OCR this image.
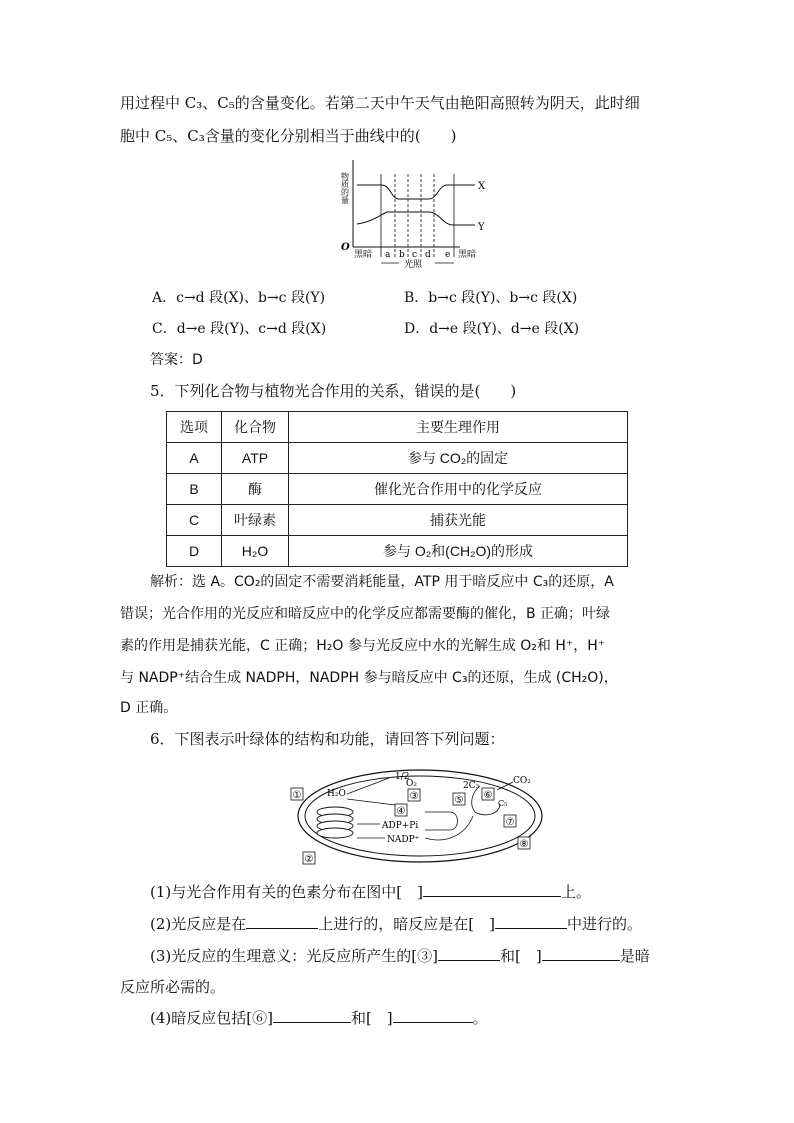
用过程中 C₃、C₅的含量变化。若第二天中午天气由艳阳高照转为阴天，此时细
胞中 C₅、C₃含量的变化分别相当于曲线中的(　　)
物质的量
O
X
Y
黑暗 a b c d e 黑暗
光照
A．c→d 段(X)、b→c 段(Y)	B．b→c 段(Y)、b→c 段(X)
C．d→e 段(Y)、c→d 段(X)	D．d→e 段(Y)、d→e 段(X)
答案：D
5．下列化合物与植物光合作用的关系，错误的是(　　)
选项	化合物	主要生理作用
A	ATP	参与 CO₂的固定
B	酶	催化光合作用中的化学反应
C	叶绿素	捕获光能
D	H₂O	参与 O₂和(CH₂O)的形成
解析：选 A。CO₂的固定不需要消耗能量，ATP 用于暗反应中 C₃的还原，A
错误；光合作用的光反应和暗反应中的化学反应都需要酶的催化，B 正确；叶绿
素的作用是捕获光能，C 正确；H₂O 参与光反应中水的光解生成 O₂和 H⁺，H⁺
与 NADP⁺结合生成 NADPH，NADPH 参与暗反应中 C₃的还原，生成 (CH₂O)，
D 正确。
6．下图表示叶绿体的结构和功能，请回答下列问题：
H₂O
1/2
O₂
①
②
③
④
⑤ ⑥
⑦
⑧
ADP+Pi
NADP⁺
2C₃
C₅
CO₂
(1)与光合作用有关的色素分布在图中[　]	上。
(2)光反应是在	上进行的，暗反应是在[　]	中进行的。
(3)光反应的生理意义：光反应所产生的[③]	和[　]	是暗
反应所必需的。
(4)暗反应包括[⑥]	和[　]	。
